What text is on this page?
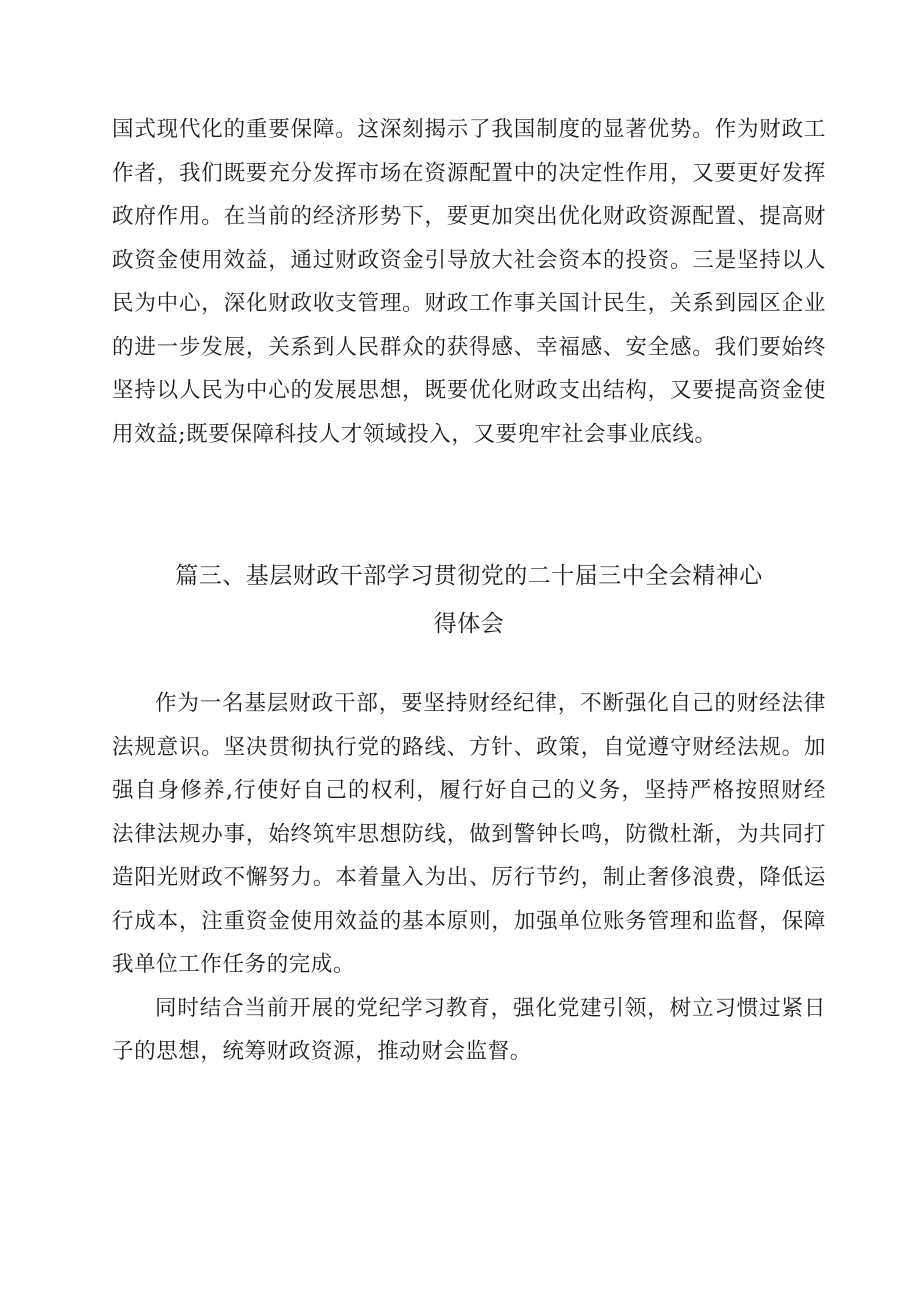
国式现代化的重要保障。这深刻揭示了我国制度的显著优势。作为财政工作者，我们既要充分发挥市场在资源配置中的决定性作用，又要更好发挥政府作用。在当前的经济形势下，要更加突出优化财政资源配置、提高财政资金使用效益，通过财政资金引导放大社会资本的投资。三是坚持以人民为中心，深化财政收支管理。财政工作事关国计民生，关系到园区企业的进一步发展，关系到人民群众的获得感、幸福感、安全感。我们要始终坚持以人民为中心的发展思想，既要优化财政支出结构，又要提高资金使用效益;既要保障科技人才领域投入，又要兜牢社会事业底线。

篇三、基层财政干部学习贯彻党的二十届三中全会精神心
得体会

作为一名基层财政干部，要坚持财经纪律，不断强化自己的财经法律法规意识。坚决贯彻执行党的路线、方针、政策，自觉遵守财经法规。加强自身修养,行使好自己的权利，履行好自己的义务，坚持严格按照财经法律法规办事，始终筑牢思想防线，做到警钟长鸣，防微杜渐，为共同打造阳光财政不懈努力。本着量入为出、厉行节约，制止奢侈浪费，降低运行成本，注重资金使用效益的基本原则，加强单位账务管理和监督，保障我单位工作任务的完成。

同时结合当前开展的党纪学习教育，强化党建引领，树立习惯过紧日子的思想，统筹财政资源，推动财会监督。
